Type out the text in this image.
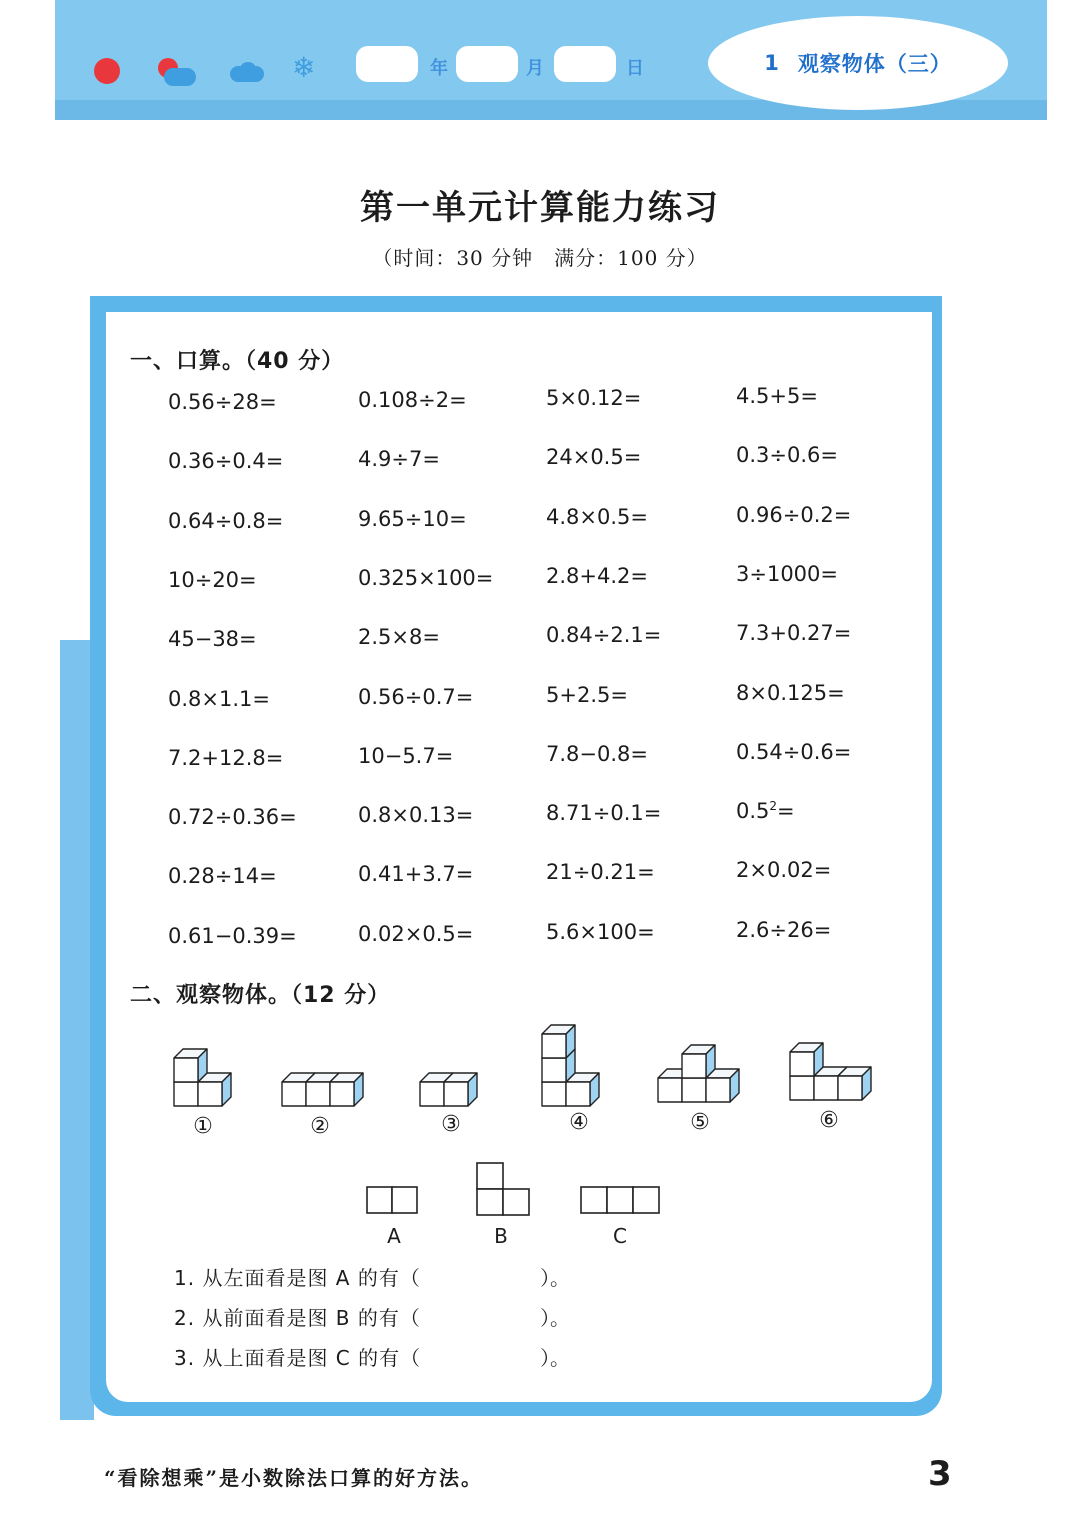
❄	年	月	日	1 观察物体（三）
第一单元计算能力练习
（时间：30 分钟　满分：100 分）
一、口算。（40 分）
0.56÷28=	0.108÷2=	5×0.12=	4.5+5=
0.36÷0.4=	4.9÷7=	24×0.5=	0.3÷0.6=
0.64÷0.8=	9.65÷10=	4.8×0.5=	0.96÷0.2=
10÷20=	0.325×100=	2.8+4.2=	3÷1000=
45−38=	2.5×8=	0.84÷2.1=	7.3+0.27=
0.8×1.1=	0.56÷0.7=	5+2.5=	8×0.125=
7.2+12.8=	10−5.7=	7.8−0.8=	0.54÷0.6=
0.72÷0.36=	0.8×0.13=	8.71÷0.1=	$0.5^2=$
0.28÷14=	0.41+3.7=	21÷0.21=	2×0.02=
0.61−0.39=	0.02×0.5=	5.6×100=	2.6÷26=
二、观察物体。（12 分）
①	②	③	④	⑤	⑥
A	B	C
1. 从左面看是图 A 的有（	）。
2. 从前面看是图 B 的有（	）。
3. 从上面看是图 C 的有（	）。
“看除想乘”是小数除法口算的好方法。	3
